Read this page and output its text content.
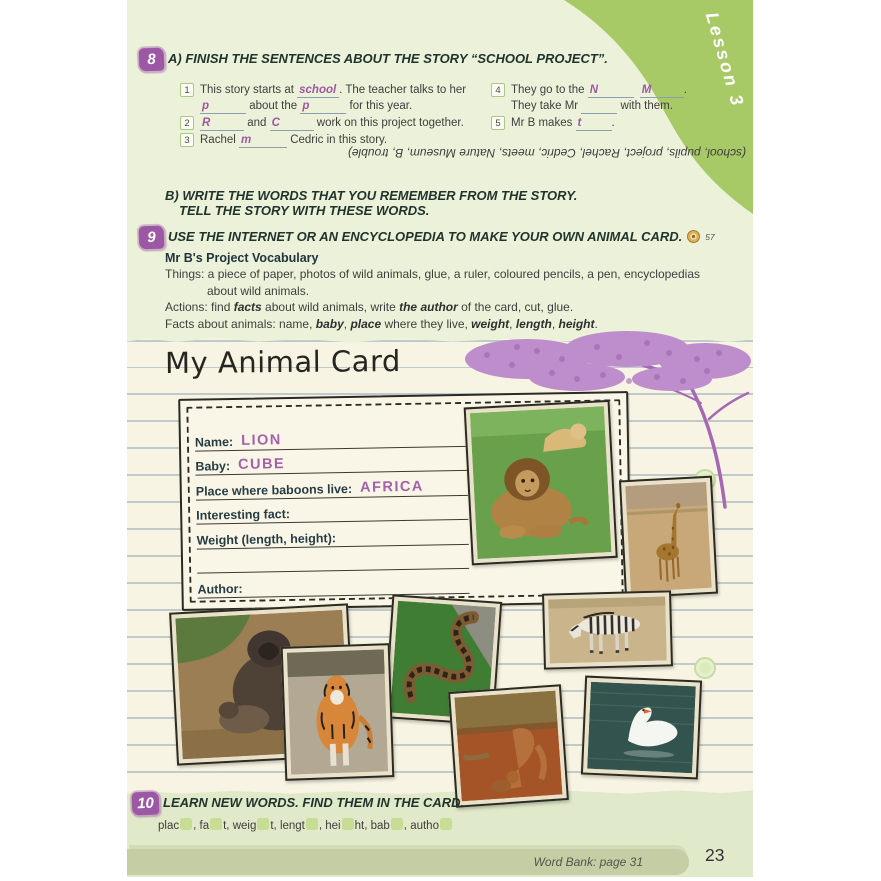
Lesson 3
8 A) FINISH THE SENTENCES ABOUT THE STORY “SCHOOL PROJECT”.
1 This story starts at school . The teacher talks to her
p	about the p	for this year.
2	R	and C	work on this project together.
3 Rachel m	Cedric in this story.
4 They go to the N	M	.
They take Mr	with them.
5 Mr B makes t	.
(school, pupils, project, Rachel, Cedric, meets, Nature Museum, B, trouble)
B) WRITE THE WORDS THAT YOU REMEMBER FROM THE STORY.
TELL THE STORY WITH THESE WORDS.
9 USE THE INTERNET OR AN ENCYCLOPEDIA TO MAKE YOUR OWN ANIMAL CARD.	57
Mr B's Project Vocabulary

Things: a piece of paper, photos of wild animals, glue, a ruler, coloured pencils, a pen, encyclopedias
about wild animals.

Actions: find facts about wild animals, write the author of the card, cut, glue.

Facts about animals: name, baby, place where they live, weight, length, height.

My Animal Card
Name: LION
Baby: CUBE
Place where baboons live: AFRICA
Interesting fact:
Weight (length, height):
Author:
10 LEARN NEW WORDS. FIND THEM IN THE CARD.
plac , fa t, weig t, lengt , hei ht, bab , autho
Word Bank: page 31	23
